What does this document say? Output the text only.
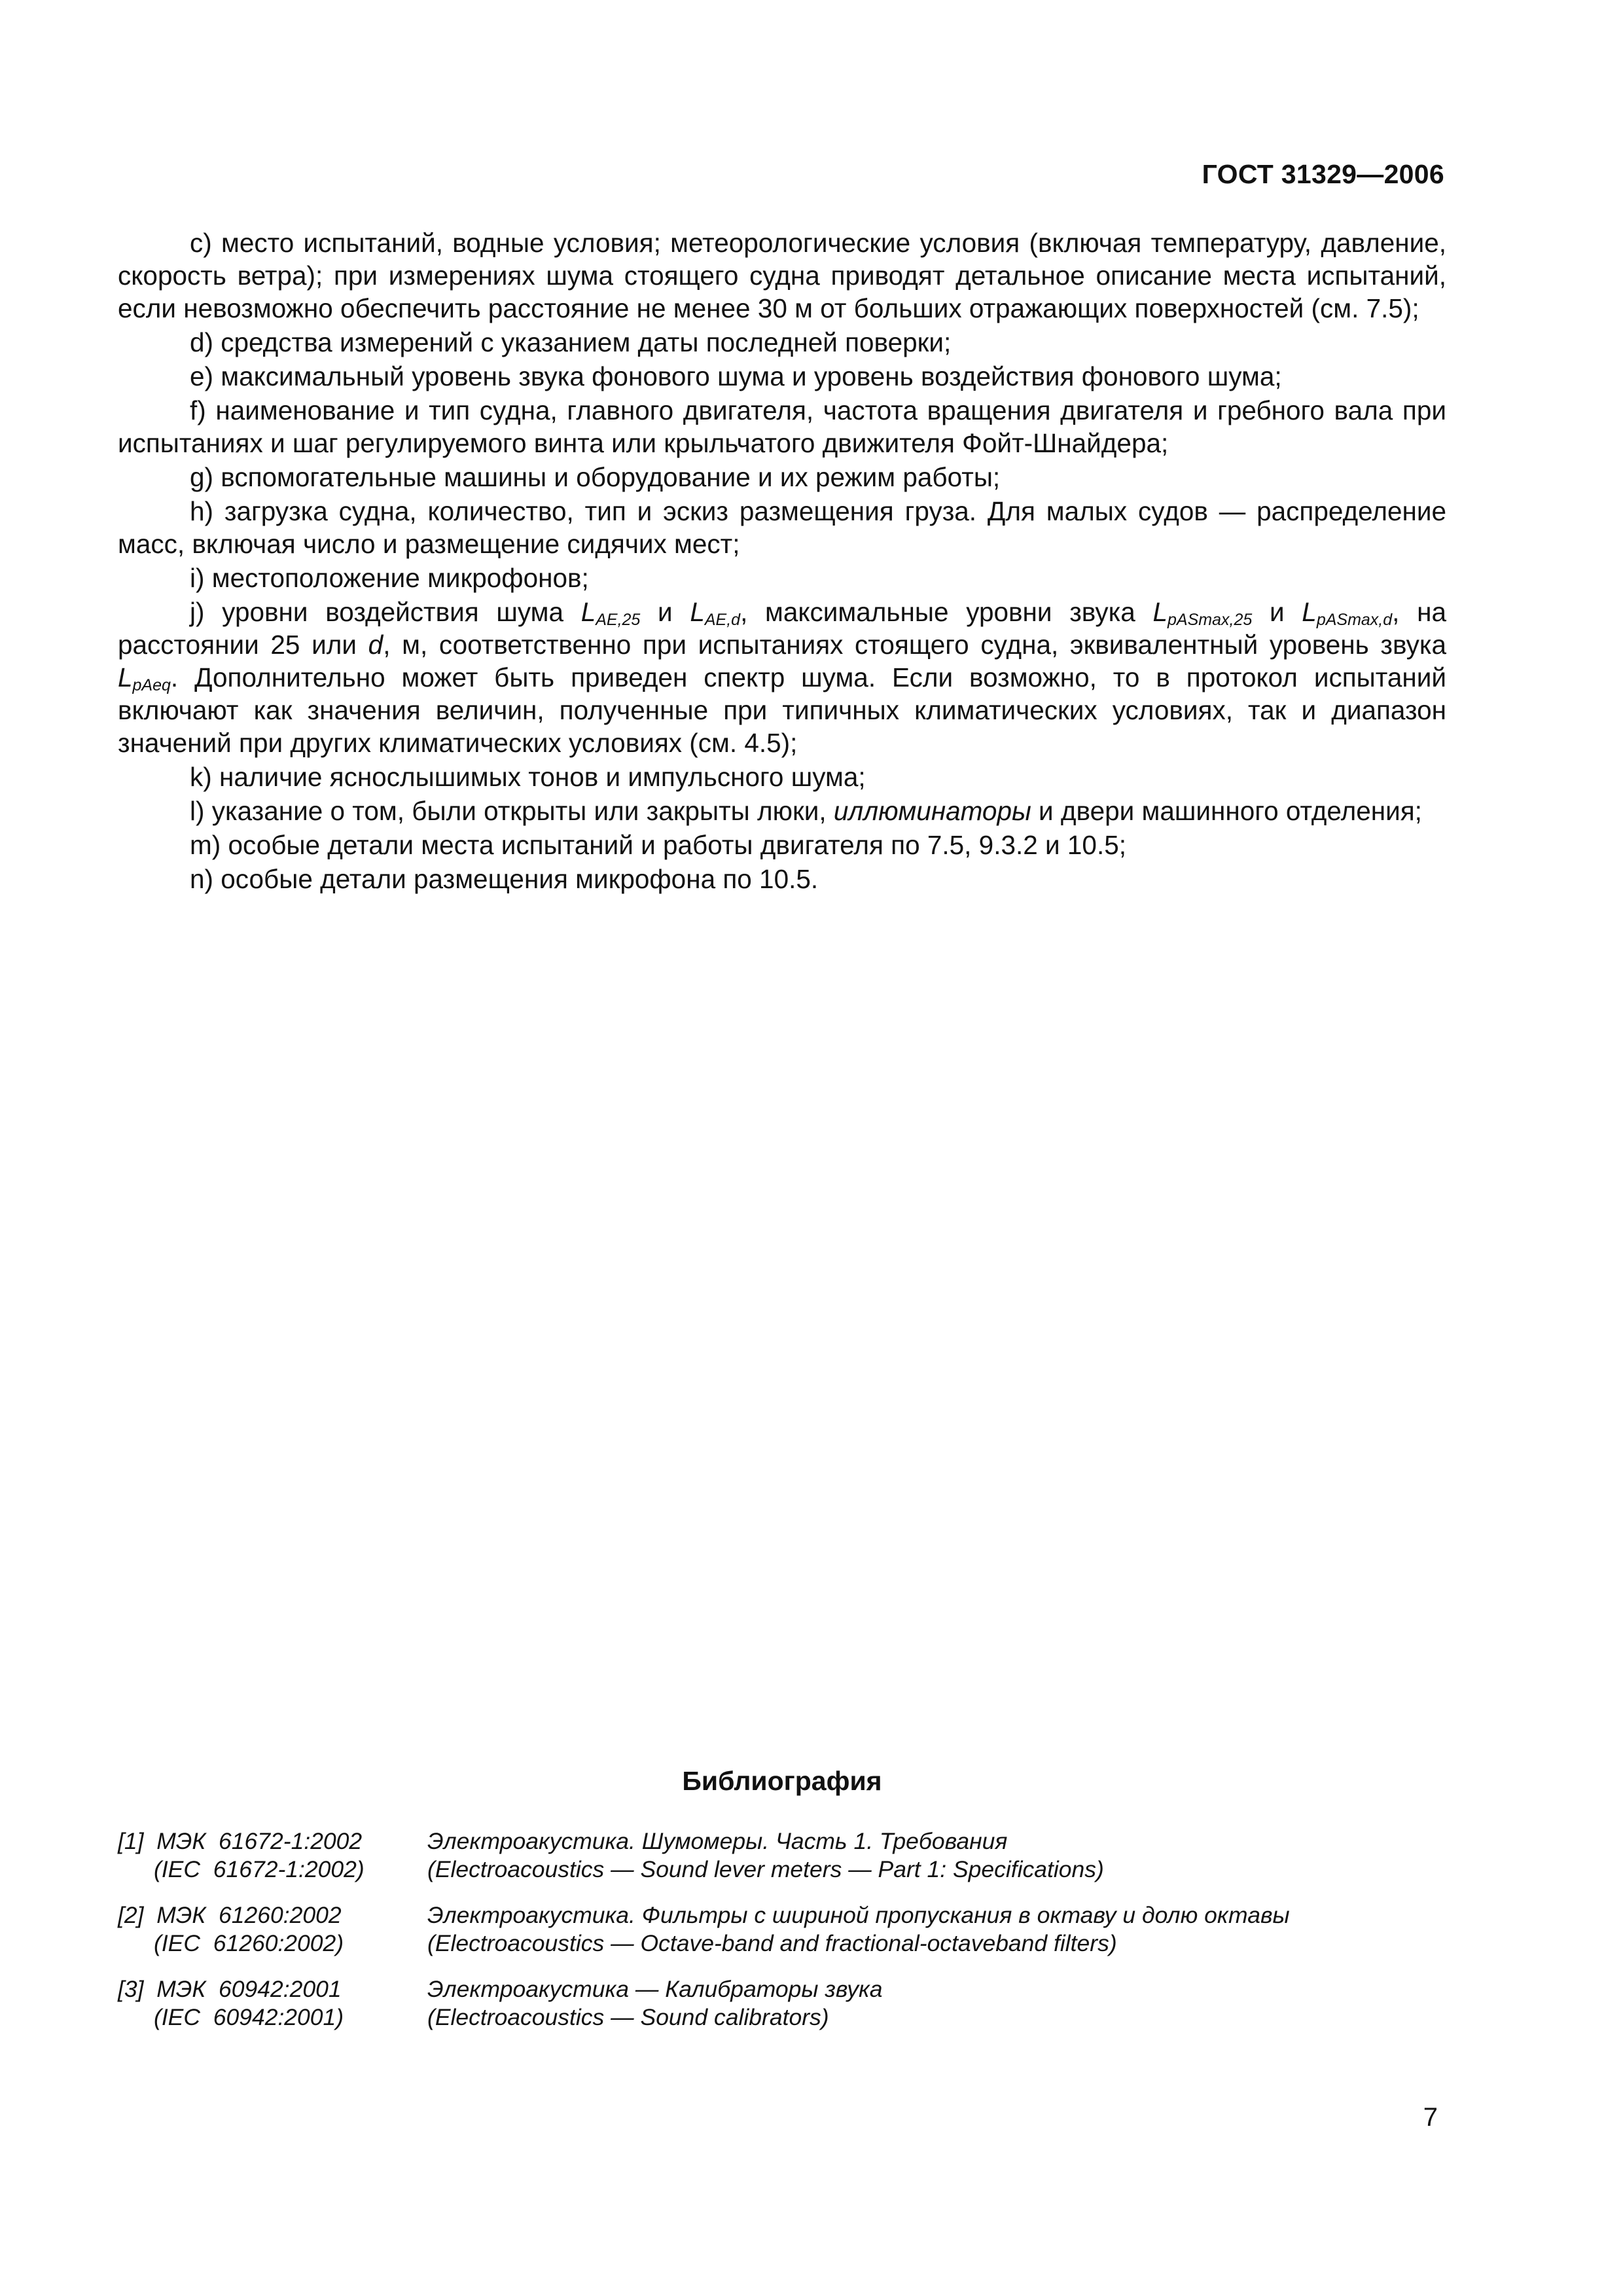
ГОСТ 31329—2006

c) место испытаний, водные условия; метеорологические условия (включая температуру, давление, скорость ветра); при измерениях шума стоящего судна приводят детальное описание места испытаний, если невозможно обеспечить расстояние не менее 30 м от больших отражающих поверхностей (см. 7.5);

d) средства измерений с указанием даты последней поверки;

e) максимальный уровень звука фонового шума и уровень воздействия фонового шума;

f) наименование и тип судна, главного двигателя, частота вращения двигателя и гребного вала при испытаниях и шаг регулируемого винта или крыльчатого движителя Фойт-Шнайдера;

g) вспомогательные машины и оборудование и их режим работы;

h) загрузка судна, количество, тип и эскиз размещения груза. Для малых судов — распределение масс, включая число и размещение сидячих мест;

i) местоположение микрофонов;

j) уровни воздействия шума $L_{AE,25}$ и $L_{AE,d}$, максимальные уровни звука $L_{pASmax,25}$ и $L_{pASmax,d}$, на расстоянии 25 или d, м, соответственно при испытаниях стоящего судна, эквивалентный уровень звука $L_{pAeq}$. Дополнительно может быть приведен спектр шума. Если возможно, то в протокол испытаний включают как значения величин, полученные при типичных климатических условиях, так и диапазон значений при других климатических условиях (см. 4.5);

k) наличие яснослышимых тонов и импульсного шума;

l) указание о том, были открыты или закрыты люки, иллюминаторы и двери машинного отделения;

m) особые детали места испытаний и работы двигателя по 7.5, 9.3.2 и 10.5;

n) особые детали размещения микрофона по 10.5.

Библиография
[1]  МЭК  61672-1:2002
(IEC  61672-1:2002)
Электроакустика. Шумомеры. Часть 1. Требования
(Electroacoustics — Sound lever meters — Part 1: Specifications)
[2]  МЭК  61260:2002
(IEC  61260:2002)
Электроакустика. Фильтры с шириной пропускания в октаву и долю октавы
(Electroacoustics — Octave-band and fractional-octaveband filters)
[3]  МЭК  60942:2001
(IEC  60942:2001)
Электроакустика — Калибраторы звука
(Electroacoustics — Sound calibrators)
7
